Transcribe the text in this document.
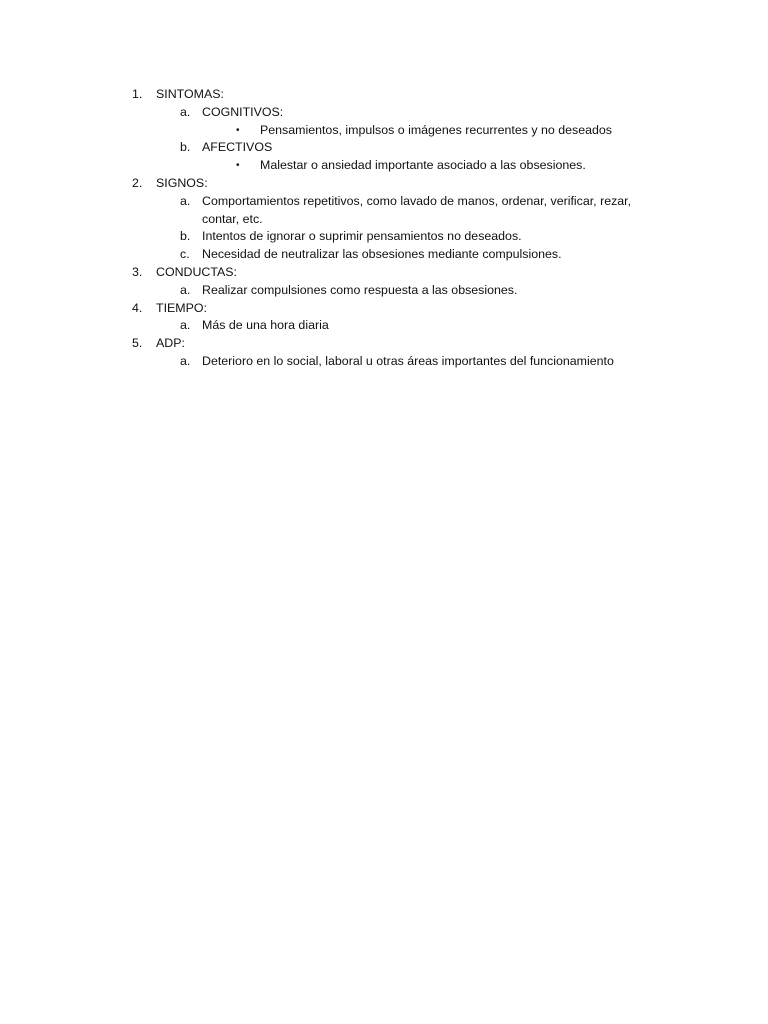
1. SINTOMAS:
a. COGNITIVOS:
• Pensamientos, impulsos o imágenes recurrentes y no deseados
b. AFECTIVOS
• Malestar o ansiedad importante asociado a las obsesiones.
2. SIGNOS:
a. Comportamientos repetitivos, como lavado de manos, ordenar, verificar, rezar, contar, etc.
b. Intentos de ignorar o suprimir pensamientos no deseados.
c. Necesidad de neutralizar las obsesiones mediante compulsiones.
3. CONDUCTAS:
a. Realizar compulsiones como respuesta a las obsesiones.
4. TIEMPO:
a. Más de una hora diaria
5. ADP:
a. Deterioro en lo social, laboral u otras áreas importantes del funcionamiento
